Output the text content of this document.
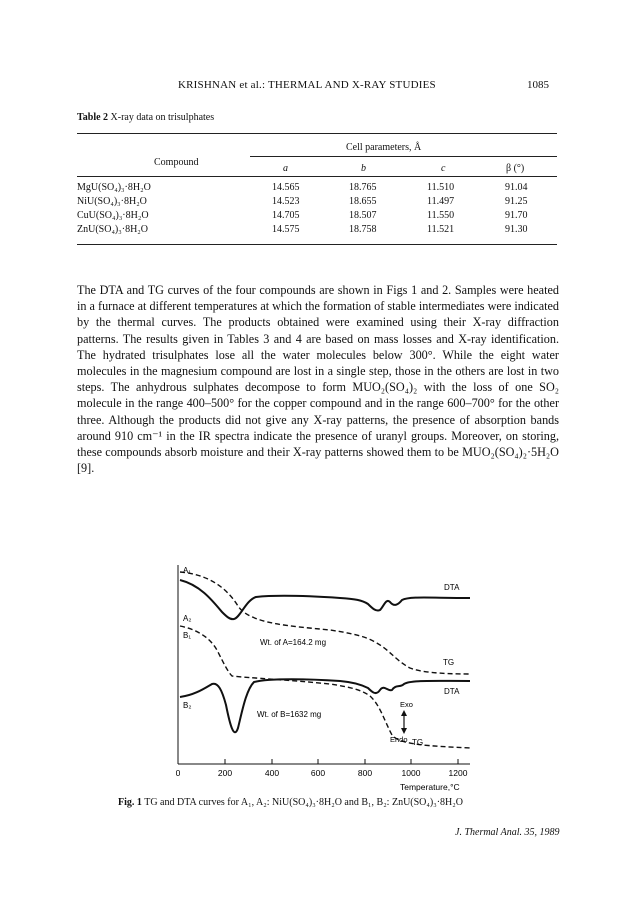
KRISHNAN et al.: THERMAL AND X-RAY STUDIES	1085
Table 2 X-ray data on trisulphates
Compound
Cell parameters, Å
a	b	c	β (°)
MgU(SO₄)₃·8H₂O	14.565	18.765	11.510	91.04
NiU(SO₄)₃·8H₂O	14.523	18.655	11.497	91.25
CuU(SO₄)₃·8H₂O	14.705	18.507	11.550	91.70
ZnU(SO₄)₃·8H₂O	14.575	18.758	11.521	91.30
The DTA and TG curves of the four compounds are shown in Figs 1 and 2. Samples were heated in a furnace at different temperatures at which the formation of stable intermediates were indicated by the thermal curves. The products obtained were examined using their X-ray diffraction patterns. The results given in Tables 3 and 4 are based on mass losses and X-ray identification. The hydrated trisulphates lose all the water molecules below 300°. While the eight water molecules in the magnesium compound are lost in a single step, those in the others are lost in two steps. The anhydrous sulphates decompose to form MUO₂(SO₄)₂ with the loss of one SO₂ molecule in the range 400–500° for the copper compound and in the range 600–700° for the other three. Although the products did not give any X-ray patterns, the presence of absorption bands around 910 cm⁻¹ in the IR spectra indicate the presence of uranyl groups. Moreover, on storing, these compounds absorb moisture and their X-ray patterns showed them to be MUO₂(SO₄)₂·5H₂O [9].
A₁
A₂
B₁
B₂
DTA
TG
DTA
TG
Wt. of A=164.2 mg
Wt. of B=1632 mg
Exo
Endo
0	200	400	600	800	1000	1200
Temperature,°C
Fig. 1 TG and DTA curves for A₁, A₂: NiU(SO₄)₃·8H₂O and B₁, B₂: ZnU(SO₄)₃·8H₂O
J. Thermal Anal. 35, 1989
